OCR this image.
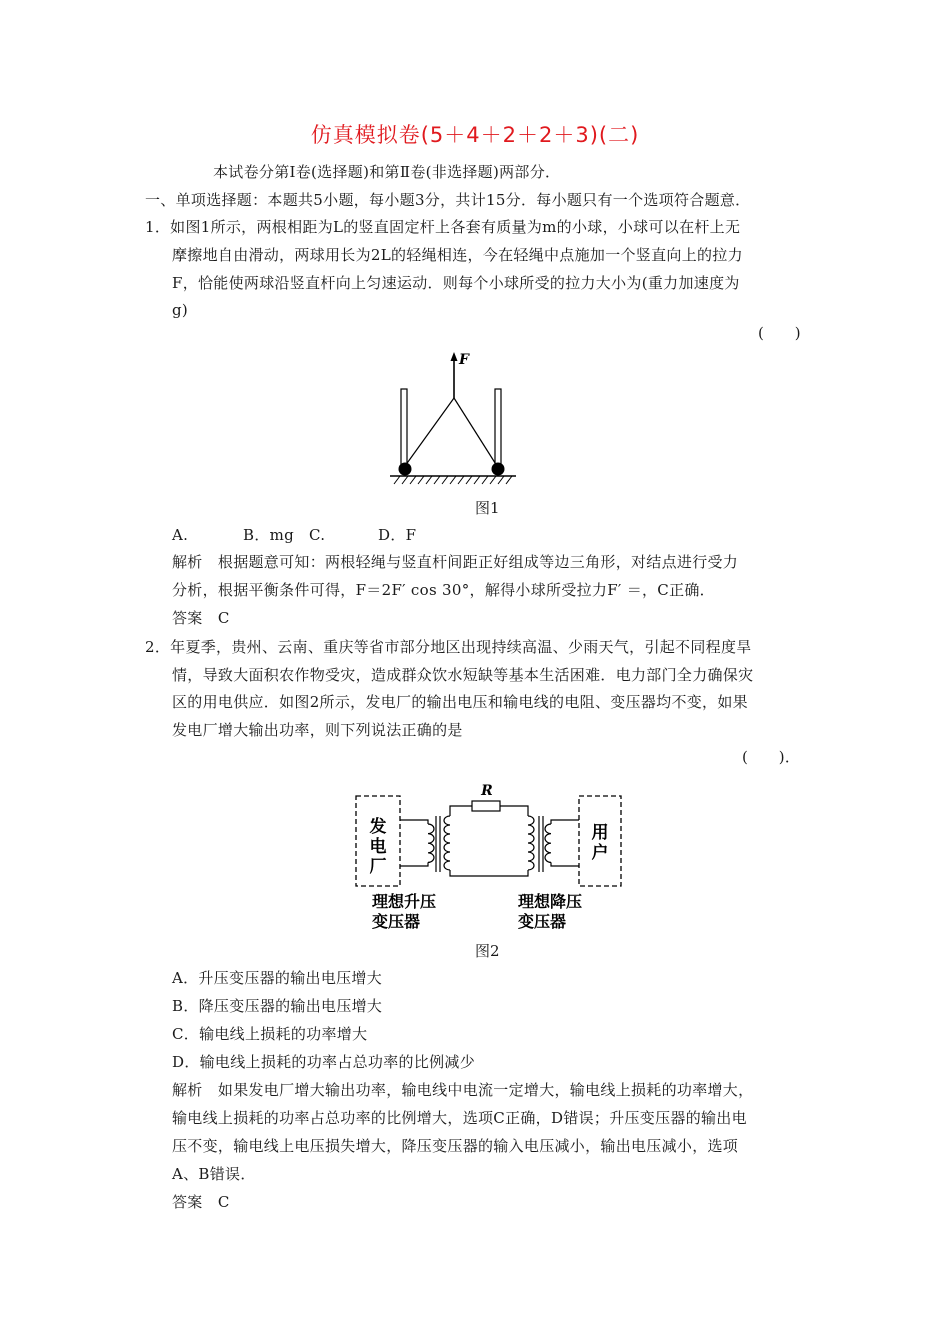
仿真模拟卷(5＋4＋2＋2＋3)(二)
本试卷分第Ⅰ卷(选择题)和第Ⅱ卷(非选择题)两部分．
一、单项选择题：本题共5小题，每小题3分，共计15分．每小题只有一个选项符合题意．
1．如图1所示，两根相距为L的竖直固定杆上各套有质量为m的小球，小球可以在杆上无
摩擦地自由滑动，两球用长为2L的轻绳相连，今在轻绳中点施加一个竖直向上的拉力
F，恰能使两球沿竖直杆向上匀速运动．则每个小球所受的拉力大小为(重力加速度为
g)
(　　)
F
图1
A.	B．mg C.	D．F
解析　根据题意可知：两根轻绳与竖直杆间距正好组成等边三角形，对结点进行受力
分析，根据平衡条件可得，F＝2F′ cos 30°，解得小球所受拉力F′ ＝，C正确．
答案　C
2．年夏季，贵州、云南、重庆等省市部分地区出现持续高温、少雨天气，引起不同程度旱
情，导致大面积农作物受灾，造成群众饮水短缺等基本生活困难．电力部门全力确保灾
区的用电供应．如图2所示，发电厂的输出电压和输电线的电阻、变压器均不变，如果
发电厂增大输出功率，则下列说法正确的是
(　　)．
发
电
厂
用
户
R
理想升压
变压器
理想降压
变压器
图2
A．升压变压器的输出电压增大
B．降压变压器的输出电压增大
C．输电线上损耗的功率增大
D．输电线上损耗的功率占总功率的比例减少
解析　如果发电厂增大输出功率，输电线中电流一定增大，输电线上损耗的功率增大，
输电线上损耗的功率占总功率的比例增大，选项C正确，D错误；升压变压器的输出电
压不变，输电线上电压损失增大，降压变压器的输入电压减小，输出电压减小，选项
A、B错误．
答案　C
